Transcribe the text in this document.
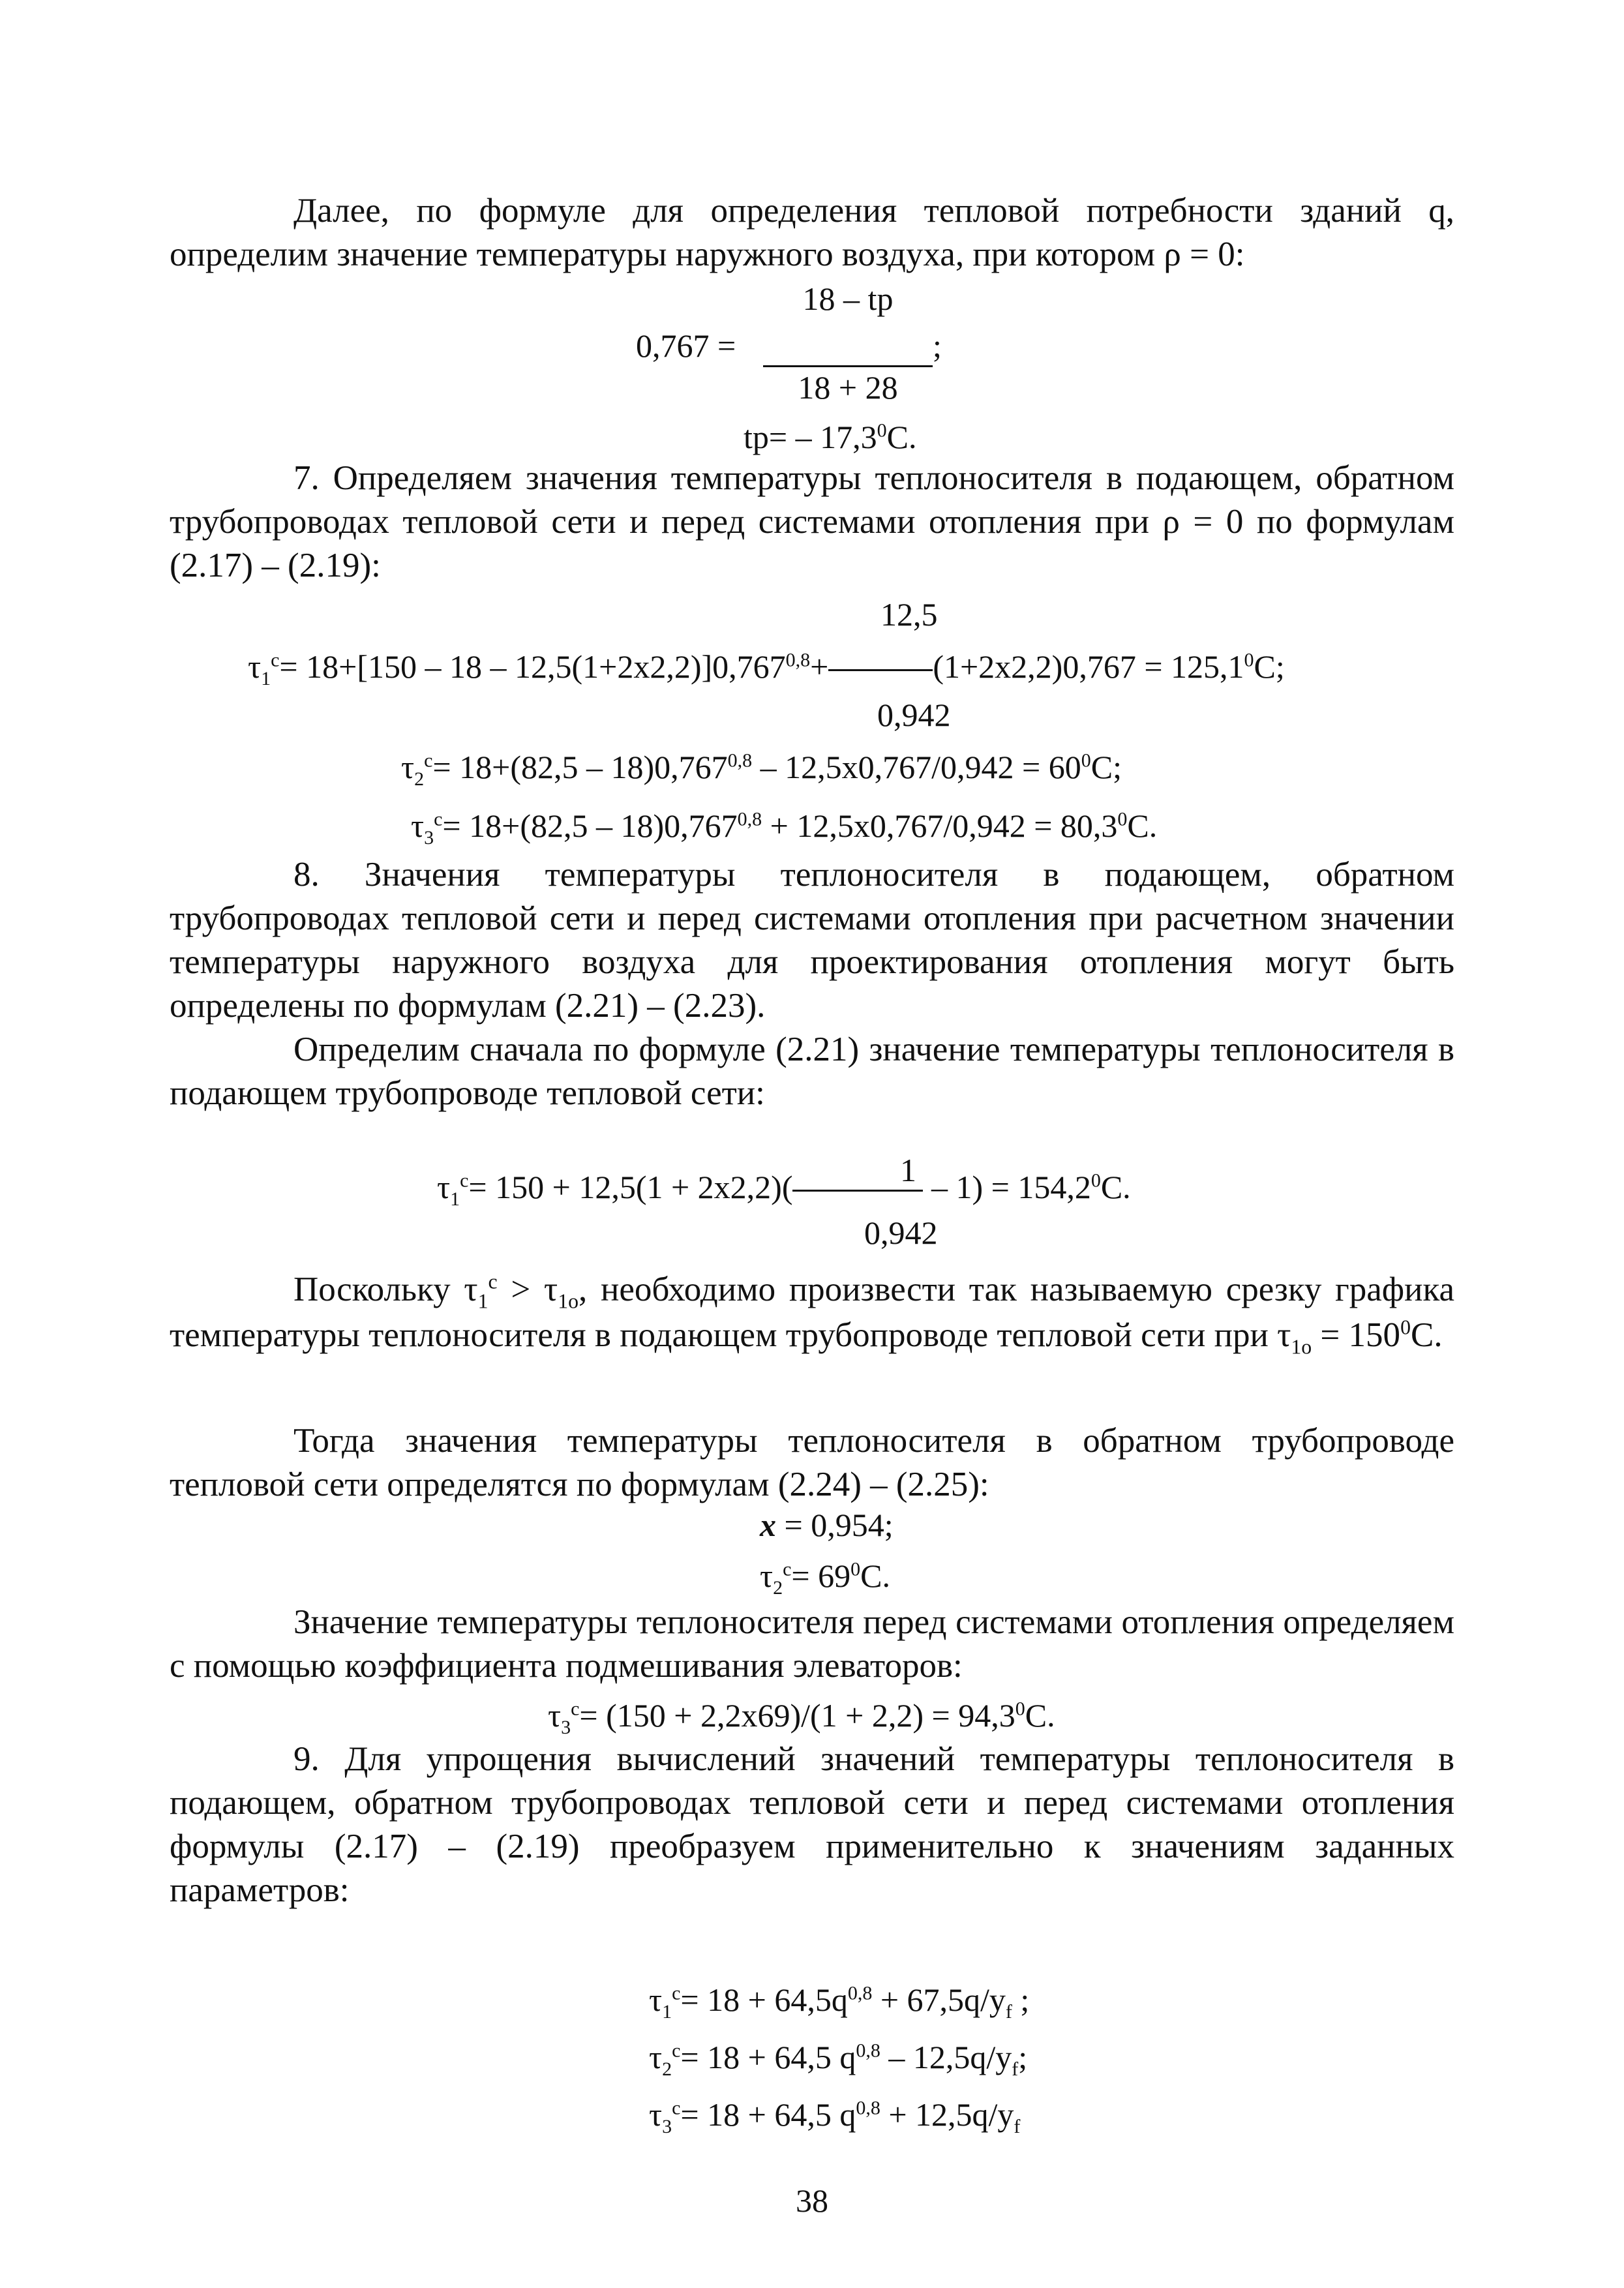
Далее, по формуле для определения тепловой потребности зданий q, определим значение температуры наружного воздуха, при котором ρ = 0:
18 – tр
0,767 =	;
18 + 28
tр= – 17,3$^0$С.
7. Определяем значения температуры теплоносителя в подающем, обратном трубопроводах тепловой сети и перед системами отопления при ρ = 0 по формулам (2.17) – (2.19):
12,5
$\tau_1^c= 18+[150 - 18 - 12,5(1+2х2,2)]0,767^{0,8}+$	$(1+2х2,2)0,767 = 125,1^0С$;
0,942
$\tau_2^c= 18+(82,5 - 18)0,767^{0,8} - 12,5х0,767/0,942 = 60^0С$;
$\tau_3^c= 18+(82,5 - 18)0,767^{0,8} + 12,5х0,767/0,942 = 80,3^0С$.
8. Значения температуры теплоносителя в подающем, обратном трубопроводах тепловой сети и перед системами отопления при расчетном значении температуры наружного воздуха для проектирования отопления могут быть определены по формулам (2.21) – (2.23).
Определим сначала по формуле (2.21) значение температуры теплоносителя в подающем трубопроводе тепловой сети:
1
$\tau_1^c= 150 + 12,5(1 + 2х2,2)$(	– $1) = 154,2^0С$.
0,942
Поскольку $\tau_1^c > \tau_{1o}$, необходимо произвести так называемую срезку графика температуры теплоносителя в подающем трубопроводе тепловой сети при $\tau_{1o} = 150^0C$.
Тогда значения температуры теплоносителя в обратном трубопроводе тепловой сети определятся по формулам (2.24) – (2.25):
x = 0,954;
$\tau_2^c= 69^0С$.
Значение температуры теплоносителя перед системами отопления определяем с помощью коэффициента подмешивания элеваторов:
$\tau_3^c= (150 + 2,2х69)/(1 + 2,2) = 94,3^0С$.
9. Для упрощения вычислений значений температуры теплоносителя в подающем, обратном трубопроводах тепловой сети и перед системами отопления формулы (2.17) – (2.19) преобразуем применительно к значениям заданных параметров:
$\tau_1^c= 18 + 64,5q^{0,8} + 67,5q/y_f$ ;
$\tau_2^c= 18 + 64,5$ $q^{0,8} - 12,5q/y_f$;
$\tau_3^c= 18 + 64,5$ $q^{0,8} + 12,5q/y_f$
38
